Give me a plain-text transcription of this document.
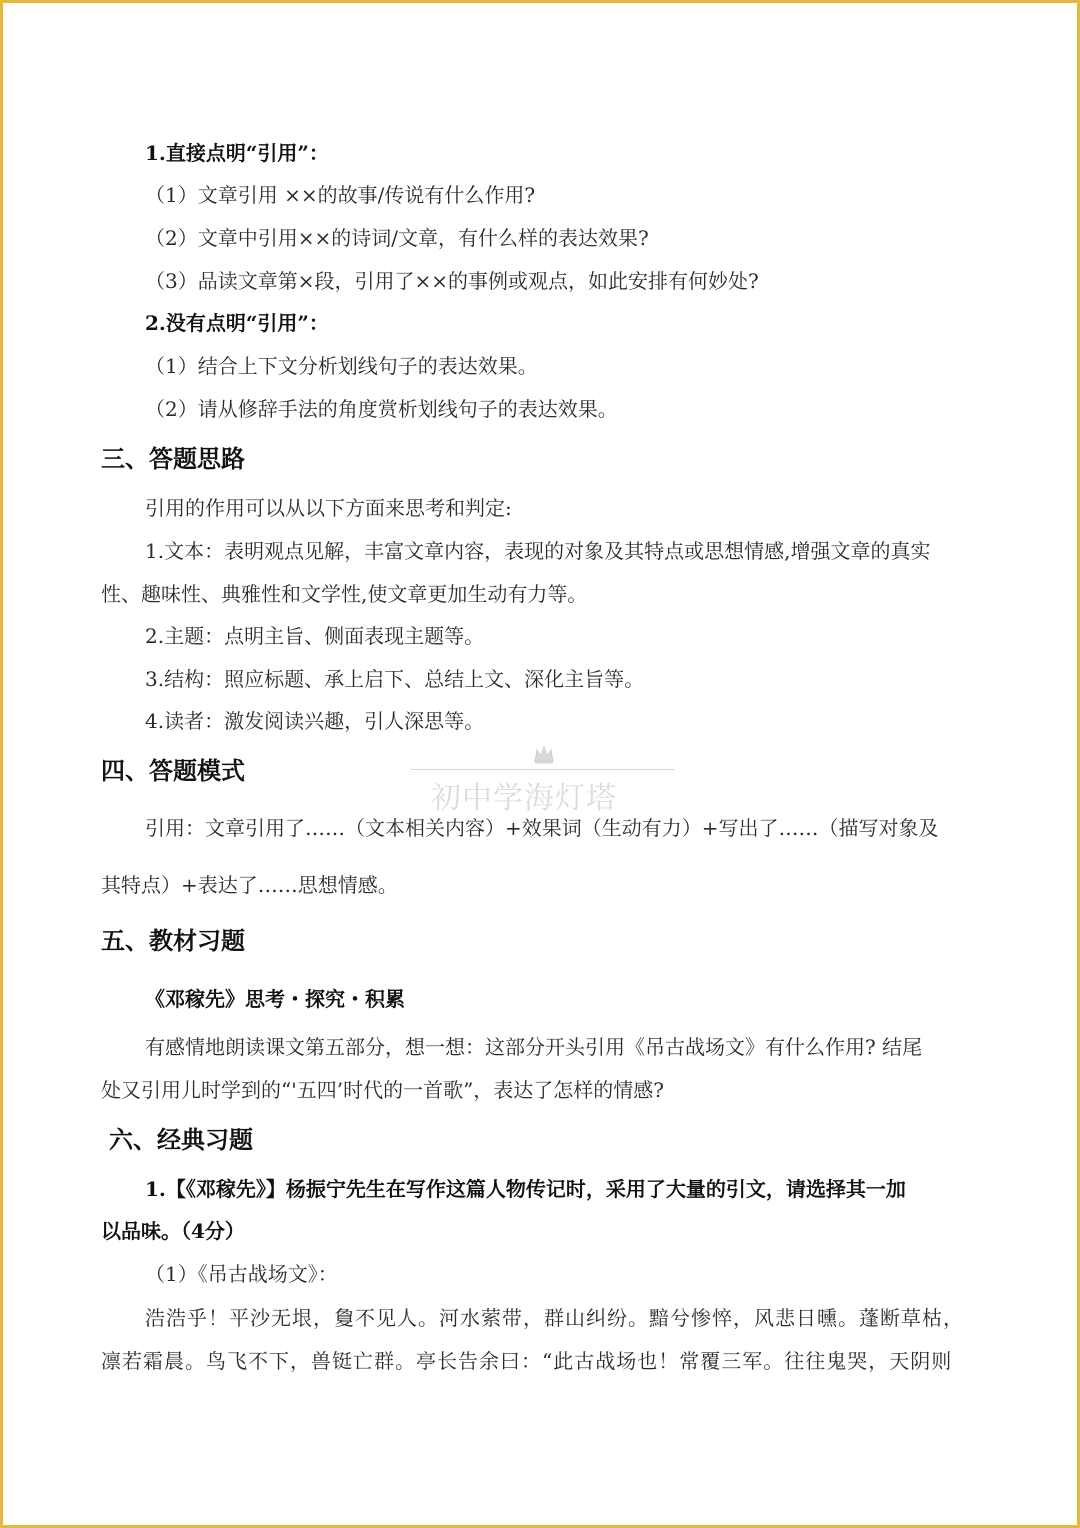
1.直接点明“引用”：
（1）文章引用 ××的故事/传说有什么作用?
（2）文章中引用××的诗词/文章，有什么样的表达效果?
（3）品读文章第×段，引用了××的事例或观点，如此安排有何妙处?
2.没有点明“引用”：
（1）结合上下文分析划线句子的表达效果。
（2）请从修辞手法的角度赏析划线句子的表达效果。
三、答题思路
引用的作用可以从以下方面来思考和判定:
1.文本：表明观点见解，丰富文章内容，表现的对象及其特点或思想情感,增强文章的真实
性、趣味性、典雅性和文学性,使文章更加生动有力等。
2.主题：点明主旨、侧面表现主题等。
3.结构：照应标题、承上启下、总结上文、深化主旨等。
4.读者：激发阅读兴趣，引人深思等。
四、答题模式
引用：文章引用了……（文本相关内容）+效果词（生动有力）+写出了……（描写对象及
其特点）+表达了……思想情感。
五、教材习题
《邓稼先》思考・探究・积累
有感情地朗读课文第五部分，想一想：这部分开头引用《吊古战场文》有什么作用? 结尾
处又引用儿时学到的“'五四’时代的一首歌”，表达了怎样的情感?
六、经典习题
1.【《邓稼先》】杨振宁先生在写作这篇人物传记时，采用了大量的引文，请选择其一加
以品味。（4分）
（1）《吊古战场文》：
浩浩乎！平沙无垠，敻不见人。河水萦带，群山纠纷。黯兮惨悴，风悲日曛。蓬断草枯，
凛若霜晨。鸟飞不下，兽铤亡群。亭长告余曰：“此古战场也！常覆三军。往往鬼哭，天阴则
初中学海灯塔
